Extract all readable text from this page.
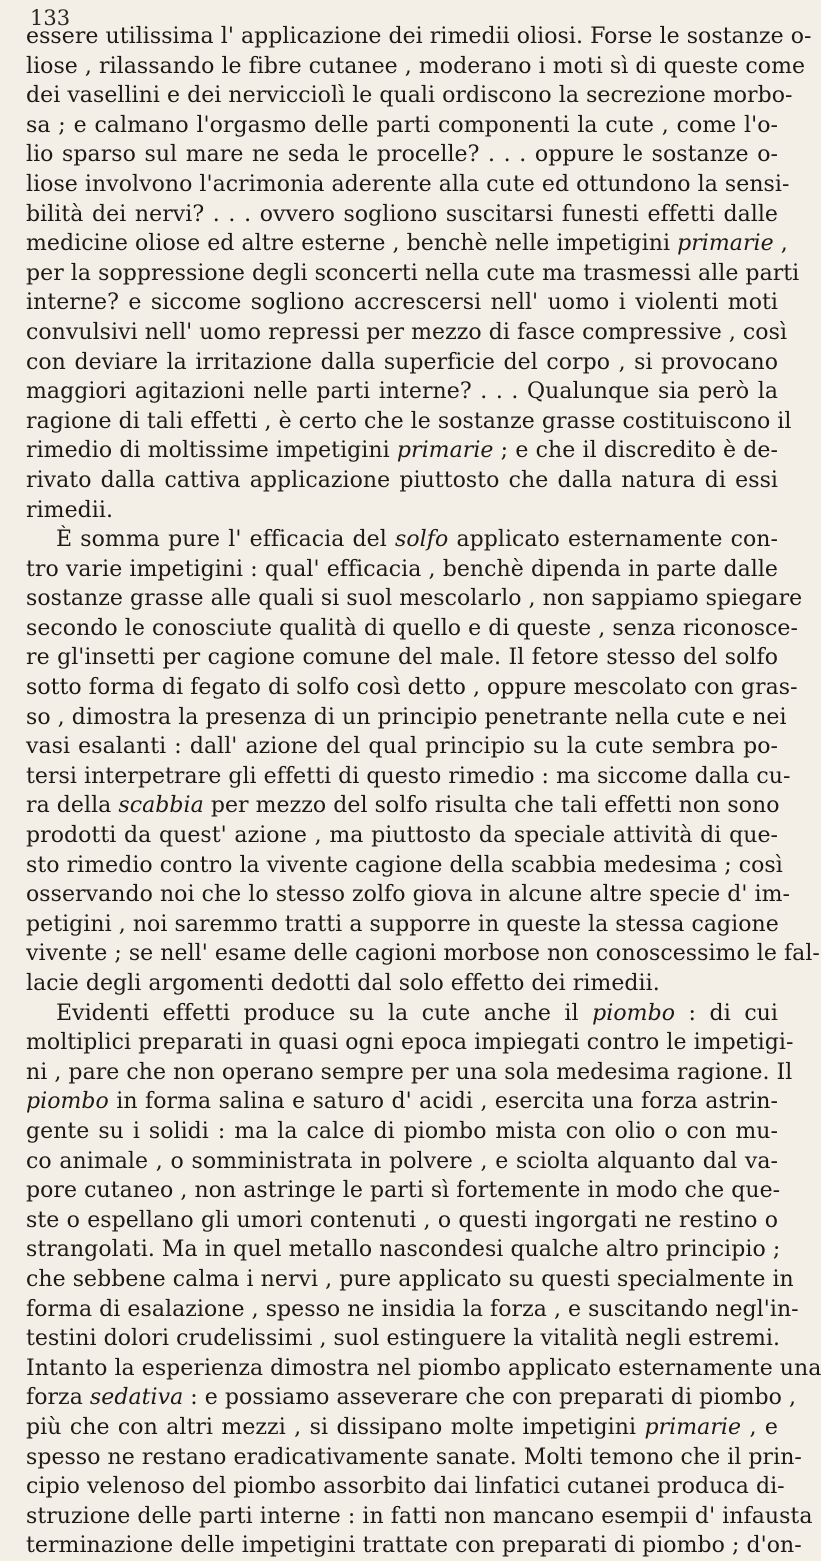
133
essere utilissima l' applicazione dei rimedii oliosi. Forse le sostanze o-
liose , rilassando le fibre cutanee , moderano i moti sì di queste come
dei vasellini e dei nervicciolì le quali ordiscono la secrezione morbo-
sa ; e calmano l'orgasmo delle parti componenti la cute , come l'o-
lio sparso sul mare ne seda le procelle? . . . oppure le sostanze o-
liose involvono l'acrimonia aderente alla cute ed ottundono la sensi-
bilità dei nervi? . . . ovvero sogliono suscitarsi funesti effetti dalle
medicine oliose ed altre esterne , benchè nelle impetigini primarie ,
per la soppressione degli sconcerti nella cute ma trasmessi alle parti
interne? e siccome sogliono accrescersi nell' uomo i violenti moti
convulsivi nell' uomo repressi per mezzo di fasce compressive , così
con deviare la irritazione dalla superficie del corpo , si provocano
maggiori agitazioni nelle parti interne? . . . Qualunque sia però la
ragione di tali effetti , è certo che le sostanze grasse costituiscono il
rimedio di moltissime impetigini primarie ; e che il discredito è de-
rivato dalla cattiva applicazione piuttosto che dalla natura di essi
rimedii.
È somma pure l' efficacia del solfo applicato esternamente con-
tro varie impetigini : qual' efficacia , benchè dipenda in parte dalle
sostanze grasse alle quali si suol mescolarlo , non sappiamo spiegare
secondo le conosciute qualità di quello e di queste , senza riconosce-
re gl'insetti per cagione comune del male. Il fetore stesso del solfo
sotto forma di fegato di solfo così detto , oppure mescolato con gras-
so , dimostra la presenza di un principio penetrante nella cute e nei
vasi esalanti : dall' azione del qual principio su la cute sembra po-
tersi interpetrare gli effetti di questo rimedio : ma siccome dalla cu-
ra della scabbia per mezzo del solfo risulta che tali effetti non sono
prodotti da quest' azione , ma piuttosto da speciale attività di que-
sto rimedio contro la vivente cagione della scabbia medesima ; così
osservando noi che lo stesso zolfo giova in alcune altre specie d' im-
petigini , noi saremmo tratti a supporre in queste la stessa cagione
vivente ; se nell' esame delle cagioni morbose non conoscessimo le fal-
lacie degli argomenti dedotti dal solo effetto dei rimedii.
Evidenti effetti produce su la cute anche il piombo : di cui
moltiplici preparati in quasi ogni epoca impiegati contro le impetigi-
ni , pare che non operano sempre per una sola medesima ragione. Il
piombo in forma salina e saturo d' acidi , esercita una forza astrin-
gente su i solidi : ma la calce di piombo mista con olio o con mu-
co animale , o somministrata in polvere , e sciolta alquanto dal va-
pore cutaneo , non astringe le parti sì fortemente in modo che que-
ste o espellano gli umori contenuti , o questi ingorgati ne restino o
strangolati. Ma in quel metallo nascondesi qualche altro principio ;
che sebbene calma i nervi , pure applicato su questi specialmente in
forma di esalazione , spesso ne insidia la forza , e suscitando negl'in-
testini dolori crudelissimi , suol estinguere la vitalità negli estremi.
Intanto la esperienza dimostra nel piombo applicato esternamente una
forza sedativa : e possiamo asseverare che con preparati di piombo ,
più che con altri mezzi , si dissipano molte impetigini primarie , e
spesso ne restano eradicativamente sanate. Molti temono che il prin-
cipio velenoso del piombo assorbito dai linfatici cutanei produca di-
struzione delle parti interne : in fatti non mancano esempii d' infausta
terminazione delle impetigini trattate con preparati di piombo ; d'on-
